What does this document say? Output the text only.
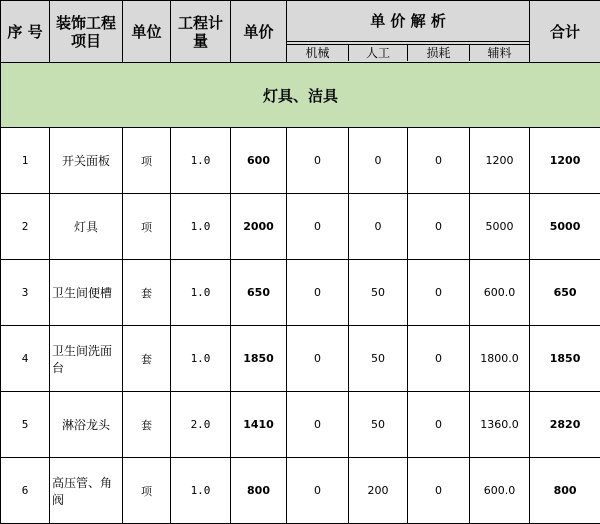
序 号	装饰工程项目	单位	工程计量	单价	单 价 解 析				合计

机械 人工 损耗 辅料				

灯具、洁具									
1	开关面板	项	1.0	600	0	0	0	1200	1200
2	灯具	项	1.0	2000	0	0	0	5000	5000
3	卫生间便槽	套	1.0	650	0	50	0	600.0	650
4	卫生间洗面台	套	1.0	1850	0	50	0	1800.0	1850
5	淋浴龙头	套	2.0	1410	0	50	0	1360.0	2820
6	高压管、角阀	项	1.0	800	0	200	0	600.0	800
